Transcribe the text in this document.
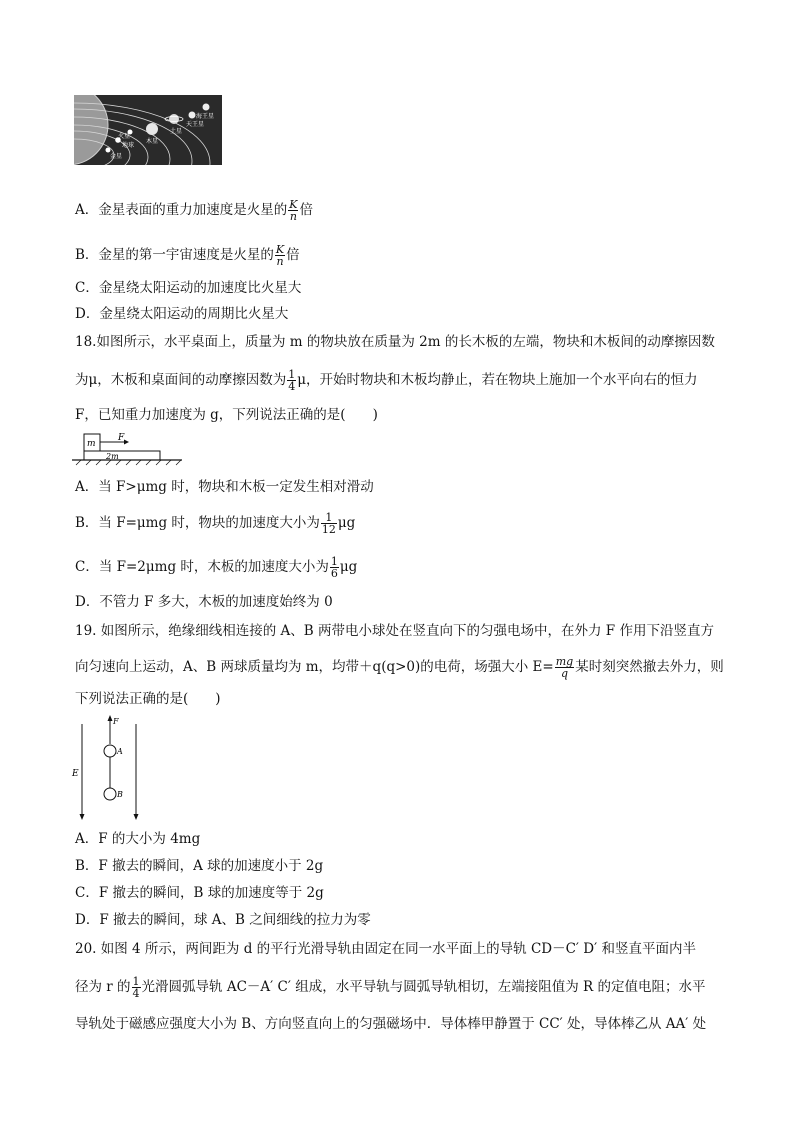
金星
地球
火星
木星
土星
天王星
海王星
A．金星表面的重力加速度是火星的 $\frac{K}{n}$ 倍
B．金星的第一宇宙速度是火星的 $\frac{K}{n}$ 倍
C．金星绕太阳运动的加速度比火星大
D．金星绕太阳运动的周期比火星大
18.如图所示，水平桌面上，质量为 m 的物块放在质量为 2m 的长木板的左端，物块和木板间的动摩擦因数
为μ，木板和桌面间的动摩擦因数为 $\frac{1}{4}$ μ，开始时物块和木板均静止，若在物块上施加一个水平向右的恒力
F，已知重力加速度为 g，下列说法正确的是(　　)
m
F
2m
A．当 F>μmg 时，物块和木板一定发生相对滑动
B．当 F=μmg 时，物块的加速度大小为 $\frac{1}{12}$ μg
C．当 F=2μmg 时，木板的加速度大小为 $\frac{1}{6}$ μg
D．不管力 F 多大，木板的加速度始终为 0
19. 如图所示，绝缘细线相连接的 A、B 两带电小球处在竖直向下的匀强电场中，在外力 F 作用下沿竖直方
向匀速向上运动，A、B 两球质量均为 m，均带＋q(q>0)的电荷，场强大小 $E= \frac{mg}{q}$ 某时刻突然撤去外力，则
下列说法正确的是(　　)
E
F
A
B
A．F 的大小为 4mg
B．F 撤去的瞬间，A 球的加速度小于 2g
C．F 撤去的瞬间，B 球的加速度等于 2g
D．F 撤去的瞬间，球 A、B 之间细线的拉力为零
20. 如图 4 所示，两间距为 d 的平行光滑导轨由固定在同一水平面上的导轨 CD－C′ D′ 和竖直平面内半
径为 r 的 $\frac{1}{4}$ 光滑圆弧导轨 AC－A′ C′ 组成，水平导轨与圆弧导轨相切，左端接阻值为 R 的定值电阻；水平
导轨处于磁感应强度大小为 B、方向竖直向上的匀强磁场中．导体棒甲静置于 CC′ 处，导体棒乙从 AA′ 处
